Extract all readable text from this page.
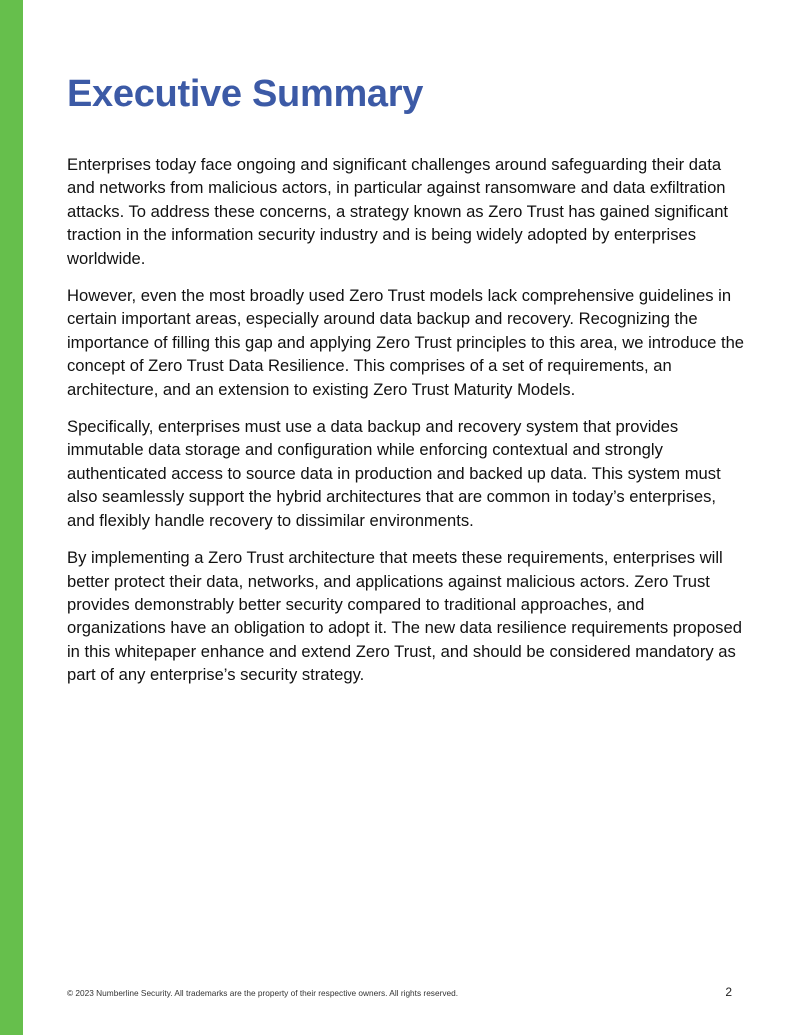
Executive Summary

Enterprises today face ongoing and significant challenges around safeguarding their data and networks from malicious actors, in particular against ransomware and data exfiltration attacks. To address these concerns, a strategy known as Zero Trust has gained significant traction in the information security industry and is being widely adopted by enterprises worldwide.

However, even the most broadly used Zero Trust models lack comprehensive guidelines in certain important areas, especially around data backup and recovery. Recognizing the importance of filling this gap and applying Zero Trust principles to this area, we introduce the concept of Zero Trust Data Resilience. This comprises of a set of requirements, an architecture, and an extension to existing Zero Trust Maturity Models.

Specifically, enterprises must use a data backup and recovery system that provides immutable data storage and configuration while enforcing contextual and strongly authenticated access to source data in production and backed up data. This system must also seamlessly support the hybrid architectures that are common in today’s enterprises, and flexibly handle recovery to dissimilar environments.

By implementing a Zero Trust architecture that meets these requirements, enterprises will better protect their data, networks, and applications against malicious actors. Zero Trust provides demonstrably better security compared to traditional approaches, and organizations have an obligation to adopt it. The new data resilience requirements proposed in this whitepaper enhance and extend Zero Trust, and should be considered mandatory as part of any enterprise’s security strategy.

© 2023 Numberline Security. All trademarks are the property of their respective owners. All rights reserved.	2
